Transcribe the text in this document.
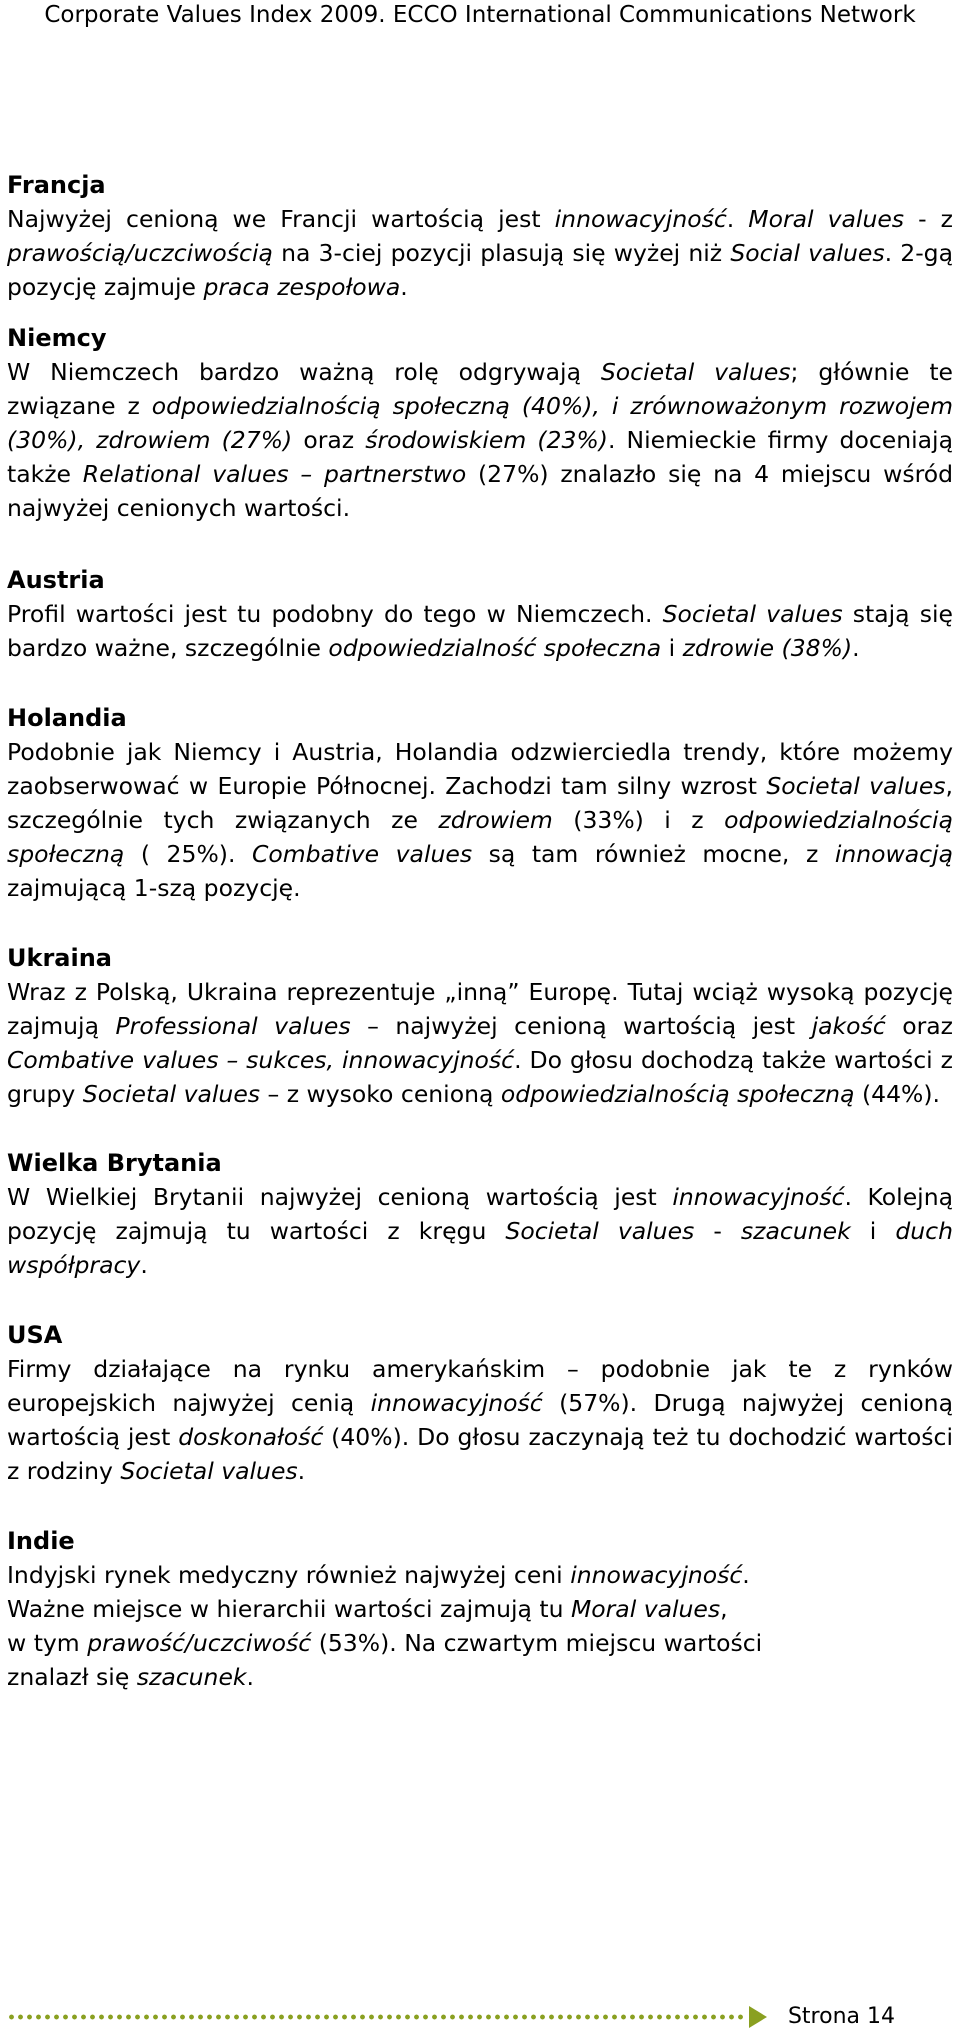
Corporate Values Index 2009. ECCO International Communications Network

Francja

Najwyżej cenioną we Francji wartością jest innowacyjność. Moral values - z prawością/uczciwością na 3-ciej pozycji plasują się wyżej niż Social values. 2-gą pozycję zajmuje praca zespołowa.

Niemcy

W Niemczech bardzo ważną rolę odgrywają Societal values; głównie te związane z odpowiedzialnością społeczną (40%), i zrównoważonym rozwojem (30%), zdrowiem (27%) oraz środowiskiem (23%). Niemieckie firmy doceniają także Relational values – partnerstwo (27%) znalazło się na 4 miejscu wśród najwyżej cenionych wartości.

Austria

Profil wartości jest tu podobny do tego w Niemczech. Societal values stają się bardzo ważne, szczególnie odpowiedzialność społeczna i zdrowie (38%).

Holandia

Podobnie jak Niemcy i Austria, Holandia odzwierciedla trendy, które możemy zaobserwować w Europie Północnej. Zachodzi tam silny wzrost Societal values, szczególnie tych związanych ze zdrowiem (33%) i z odpowiedzialnością społeczną ( 25%). Combative values są tam również mocne, z innowacją zajmującą 1-szą pozycję.

Ukraina

Wraz z Polską, Ukraina reprezentuje „inną” Europę. Tutaj wciąż wysoką pozycję zajmują Professional values – najwyżej cenioną wartością jest jakość oraz Combative values – sukces, innowacyjność. Do głosu dochodzą także wartości z grupy Societal values – z wysoko cenioną odpowiedzialnością społeczną (44%).

Wielka Brytania

W Wielkiej Brytanii najwyżej cenioną wartością jest innowacyjność. Kolejną pozycję zajmują tu wartości z kręgu Societal values - szacunek i duch współpracy.

USA

Firmy działające na rynku amerykańskim – podobnie jak te z rynków europejskich najwyżej cenią innowacyjność (57%). Drugą najwyżej cenioną wartością jest doskonałość (40%). Do głosu zaczynają też tu dochodzić wartości z rodziny Societal values.

Indie

Indyjski rynek medyczny również najwyżej ceni innowacyjność.
Ważne miejsce w hierarchii wartości zajmują tu Moral values,
w tym prawość/uczciwość (53%). Na czwartym miejscu wartości
znalazł się szacunek.

Strona 14
